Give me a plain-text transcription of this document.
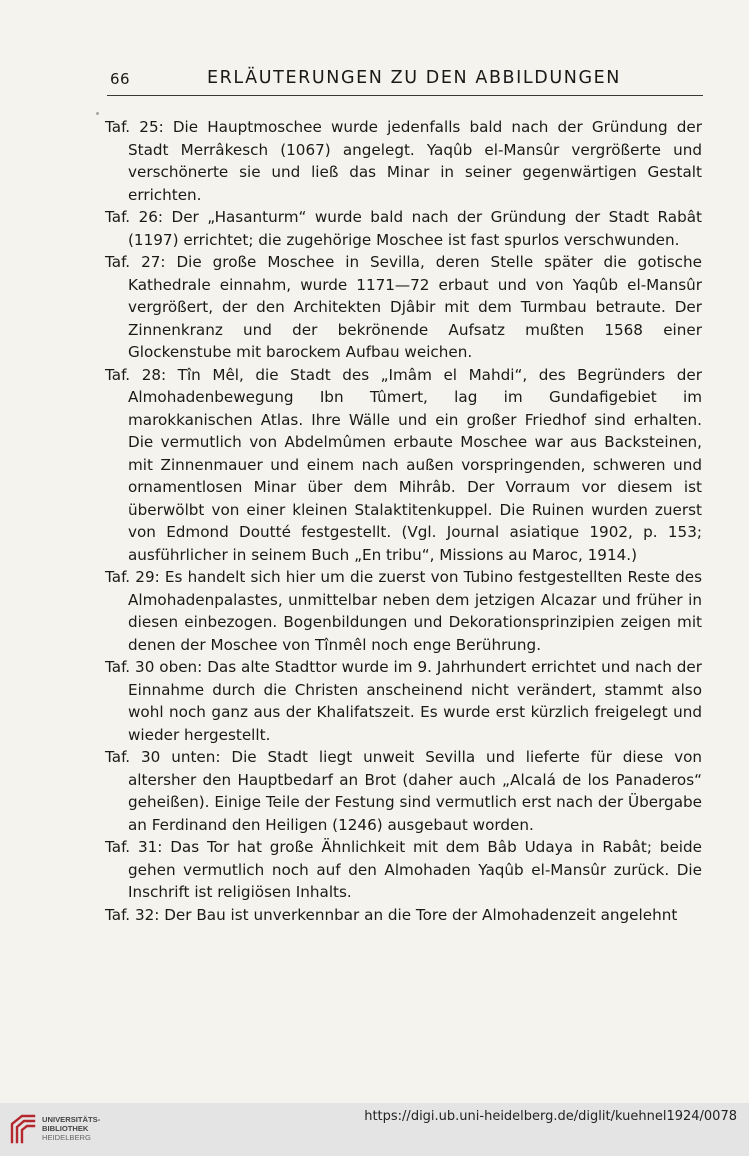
66	ERLÄUTERUNGEN ZU DEN ABBILDUNGEN

Taf. 25: Die Hauptmoschee wurde jedenfalls bald nach der Gründung der Stadt Merrâkesch (1067) angelegt. Yaqûb el-Mansûr vergrößerte und verschönerte sie und ließ das Minar in seiner gegenwärtigen Gestalt errichten.

Taf. 26: Der „Hasanturm“ wurde bald nach der Gründung der Stadt Rabât (1197) errichtet; die zugehörige Moschee ist fast spurlos verschwunden.

Taf. 27: Die große Moschee in Sevilla, deren Stelle später die gotische Kathedrale einnahm, wurde 1171—72 erbaut und von Yaqûb el-Mansûr vergrößert, der den Architekten Djâbir mit dem Turmbau betraute. Der Zinnenkranz und der bekrönende Aufsatz mußten 1568 einer Glockenstube mit barockem Aufbau weichen.

Taf. 28: Tîn Mêl, die Stadt des „Imâm el Mahdi“, des Begründers der Almohadenbewegung Ibn Tûmert, lag im Gundafigebiet im marokkanischen Atlas. Ihre Wälle und ein großer Friedhof sind erhalten. Die vermutlich von Abdelmûmen erbaute Moschee war aus Backsteinen, mit Zinnenmauer und einem nach außen vorspringenden, schweren und ornamentlosen Minar über dem Mihrâb. Der Vorraum vor diesem ist überwölbt von einer kleinen Stalaktitenkuppel. Die Ruinen wurden zuerst von Edmond Doutté festgestellt. (Vgl. Journal asiatique 1902, p. 153; ausführlicher in seinem Buch „En tribu“, Missions au Maroc, 1914.)

Taf. 29: Es handelt sich hier um die zuerst von Tubino festgestellten Reste des Almohadenpalastes, unmittelbar neben dem jetzigen Alcazar und früher in diesen einbezogen. Bogenbildungen und Dekorationsprinzipien zeigen mit denen der Moschee von Tînmêl noch enge Berührung.

Taf. 30 oben: Das alte Stadttor wurde im 9. Jahrhundert errichtet und nach der Einnahme durch die Christen anscheinend nicht verändert, stammt also wohl noch ganz aus der Khalifatszeit. Es wurde erst kürzlich freigelegt und wieder hergestellt.

Taf. 30 unten: Die Stadt liegt unweit Sevilla und lieferte für diese von altersher den Hauptbedarf an Brot (daher auch „Alcalá de los Panaderos“ geheißen). Einige Teile der Festung sind vermutlich erst nach der Übergabe an Ferdinand den Heiligen (1246) ausgebaut worden.

Taf. 31: Das Tor hat große Ähnlichkeit mit dem Bâb Udaya in Rabât; beide gehen vermutlich noch auf den Almohaden Yaqûb el-Mansûr zurück. Die Inschrift ist religiösen Inhalts.

Taf. 32: Der Bau ist unverkennbar an die Tore der Almohadenzeit angelehnt

UNIVERSITÄTS-
BIBLIOTHEK
HEIDELBERG
https://digi.ub.uni-heidelberg.de/diglit/kuehnel1924/0078
